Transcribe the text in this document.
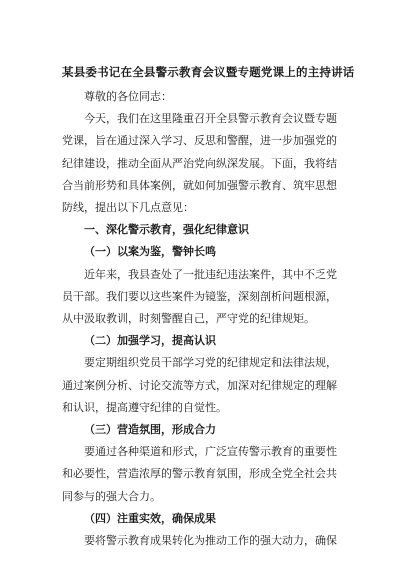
某县委书记在全县警示教育会议暨专题党课上的主持讲话

尊敬的各位同志：

今天，我们在这里隆重召开全县警示教育会议暨专题
党课，旨在通过深入学习、反思和警醒，进一步加强党的
纪律建设，推动全面从严治党向纵深发展。下面，我将结
合当前形势和具体案例，就如何加强警示教育、筑牢思想
防线，提出以下几点意见：

一、深化警示教育，强化纪律意识

（一）以案为鉴，警钟长鸣

近年来，我县查处了一批违纪违法案件，其中不乏党
员干部。我们要以这些案件为镜鉴，深刻剖析问题根源，
从中汲取教训，时刻警醒自己，严守党的纪律规矩。

（二）加强学习，提高认识

要定期组织党员干部学习党的纪律规定和法律法规，
通过案例分析、讨论交流等方式，加深对纪律规定的理解
和认识，提高遵守纪律的自觉性。

（三）营造氛围，形成合力

要通过各种渠道和形式，广泛宣传警示教育的重要性
和必要性，营造浓厚的警示教育氛围，形成全党全社会共
同参与的强大合力。

（四）注重实效，确保成果

要将警示教育成果转化为推动工作的强大动力，确保
